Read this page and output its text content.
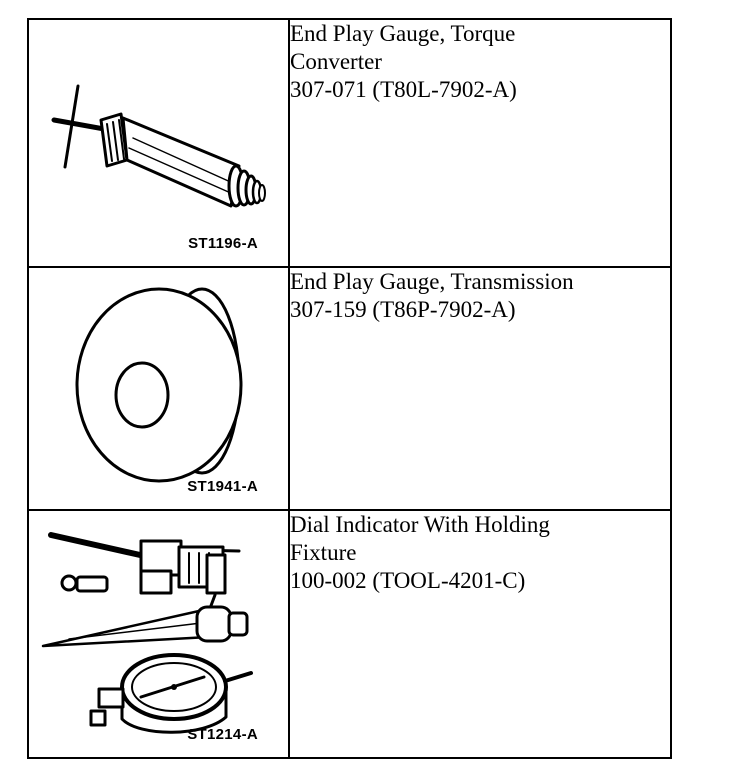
ST1196-A	End Play Gauge, Torque
Converter
307-071 (T80L-7902-A)

ST1941-A	End Play Gauge, Transmission
307-159 (T86P-7902-A)

ST1214-A	Dial Indicator With Holding
Fixture
100-002 (TOOL-4201-C)
